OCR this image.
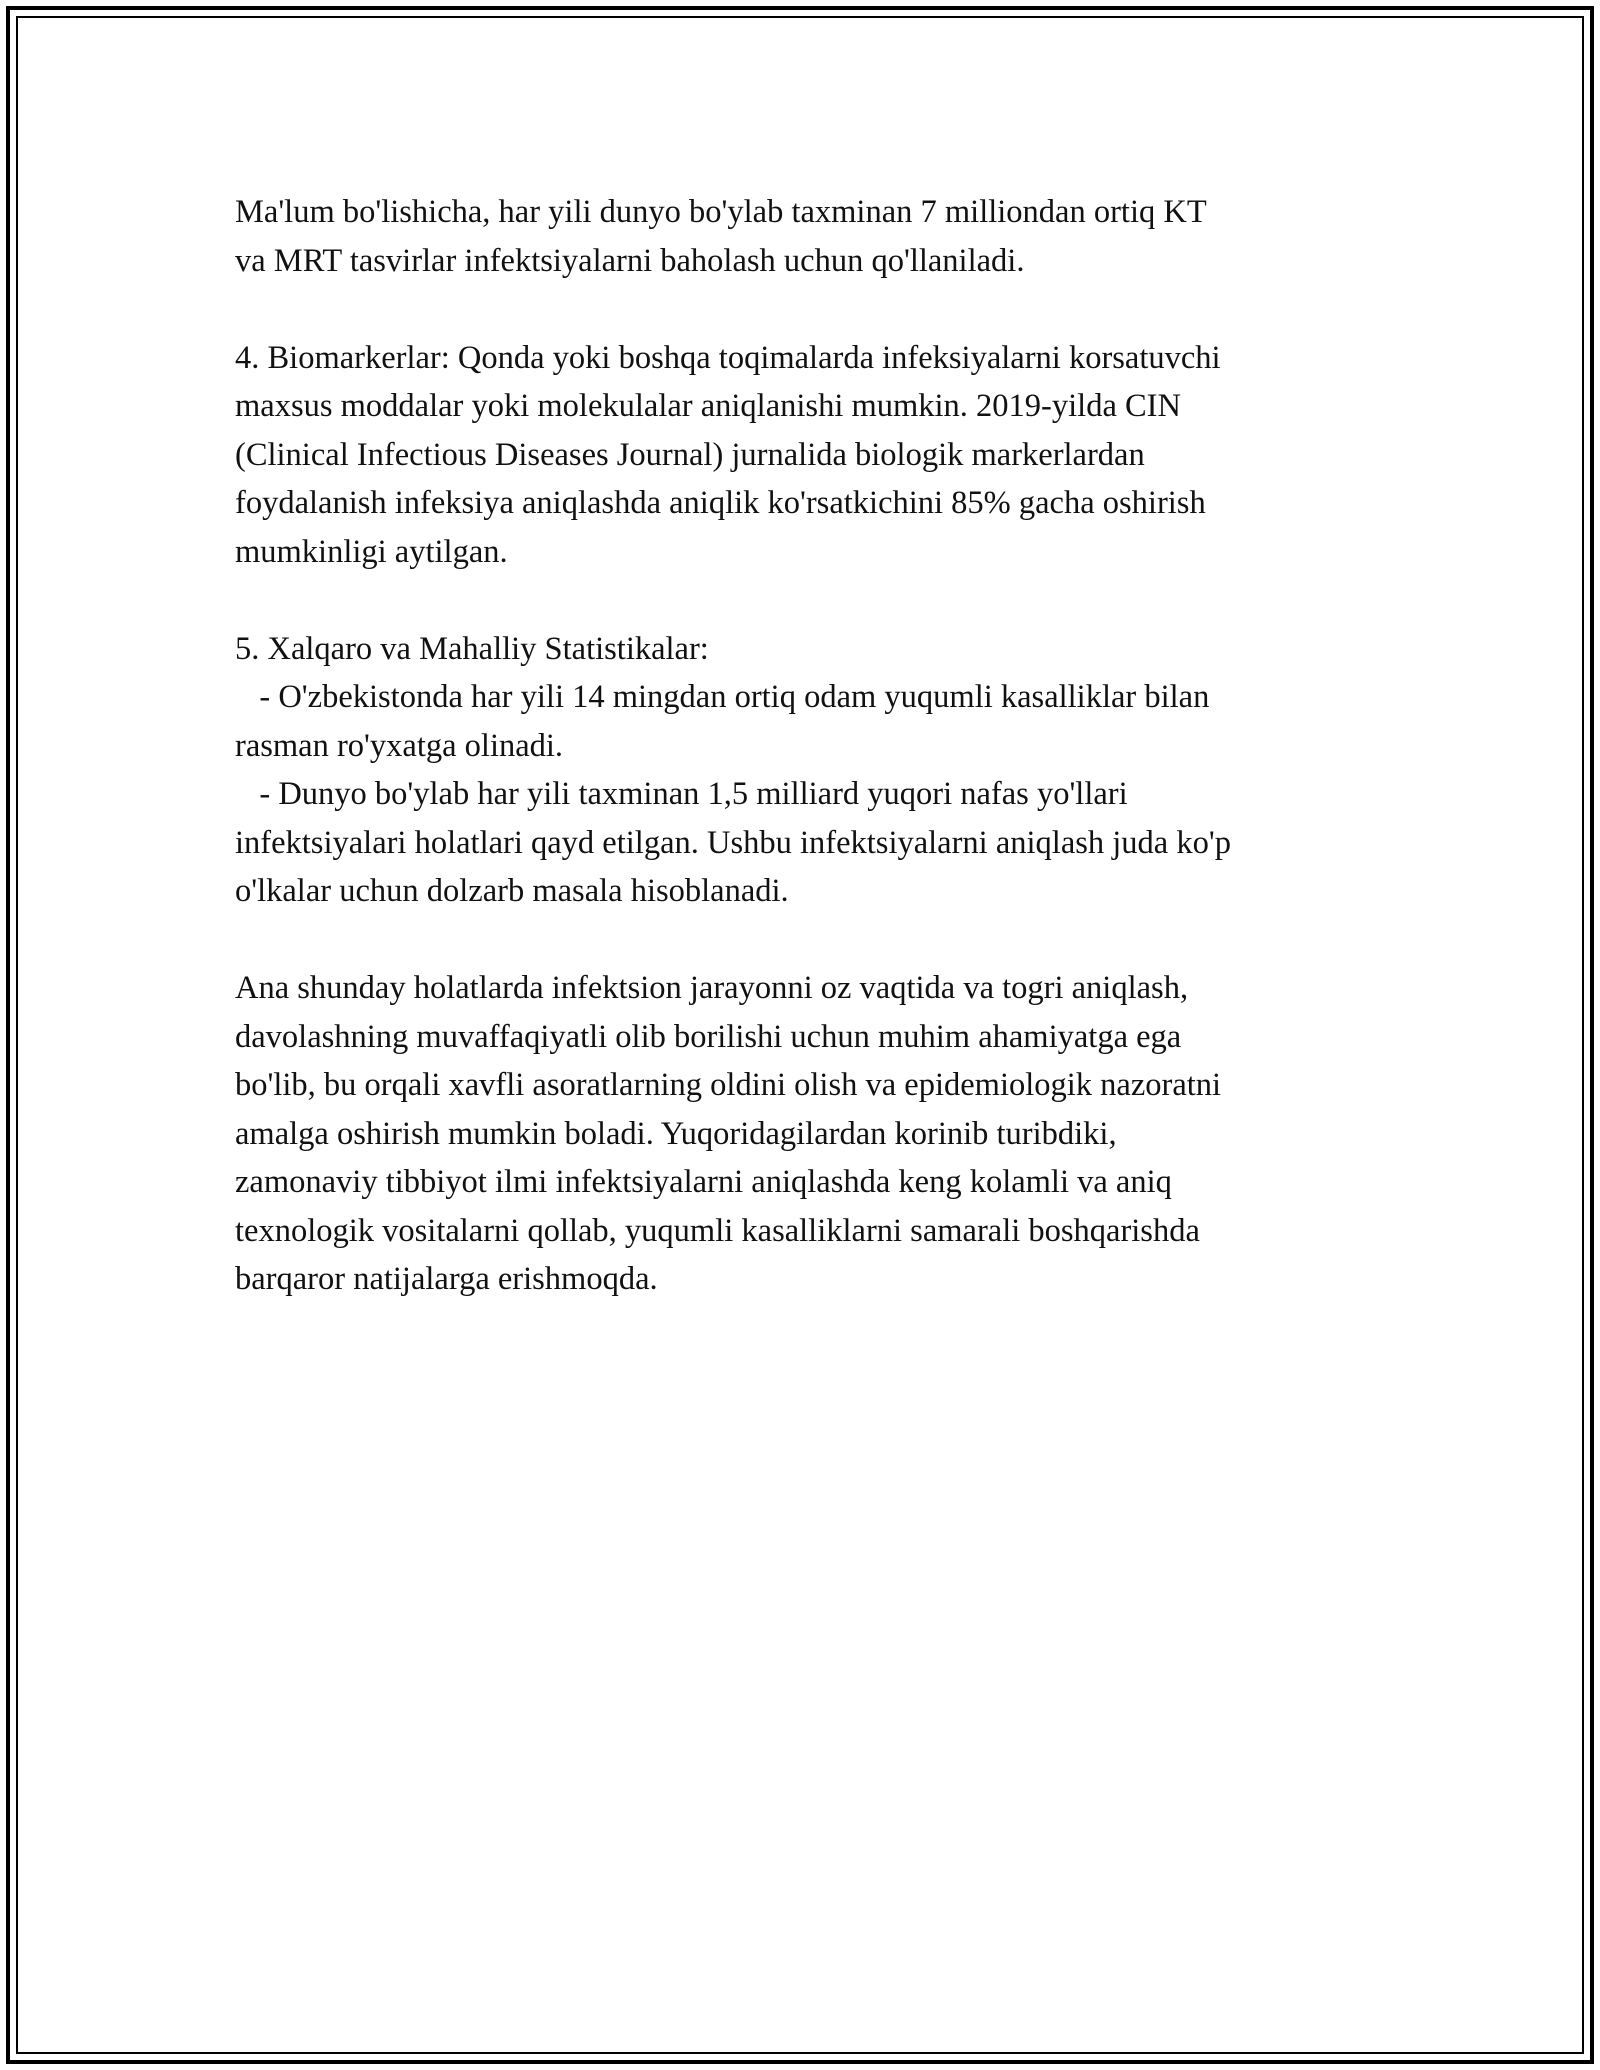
Ma'lum bo'lishicha, har yili dunyo bo'ylab taxminan 7 milliondan ortiq KT
va MRT tasvirlar infektsiyalarni baholash uchun qo'llaniladi.
4. Biomarkerlar: Qonda yoki boshqa toqimalarda infeksiyalarni korsatuvchi
maxsus moddalar yoki molekulalar aniqlanishi mumkin. 2019-yilda CIN
(Clinical Infectious Diseases Journal) jurnalida biologik markerlardan
foydalanish infeksiya aniqlashda aniqlik ko'rsatkichini 85% gacha oshirish
mumkinligi aytilgan.
5. Xalqaro va Mahalliy Statistikalar:
- O'zbekistonda har yili 14 mingdan ortiq odam yuqumli kasalliklar bilan
rasman ro'yxatga olinadi.
- Dunyo bo'ylab har yili taxminan 1,5 milliard yuqori nafas yo'llari
infektsiyalari holatlari qayd etilgan. Ushbu infektsiyalarni aniqlash juda ko'p
o'lkalar uchun dolzarb masala hisoblanadi.
Ana shunday holatlarda infektsion jarayonni oz vaqtida va togri aniqlash,
davolashning muvaffaqiyatli olib borilishi uchun muhim ahamiyatga ega
bo'lib, bu orqali xavfli asoratlarning oldini olish va epidemiologik nazoratni
amalga oshirish mumkin boladi. Yuqoridagilardan korinib turibdiki,
zamonaviy tibbiyot ilmi infektsiyalarni aniqlashda keng kolamli va aniq
texnologik vositalarni qollab, yuqumli kasalliklarni samarali boshqarishda
barqaror natijalarga erishmoqda.
